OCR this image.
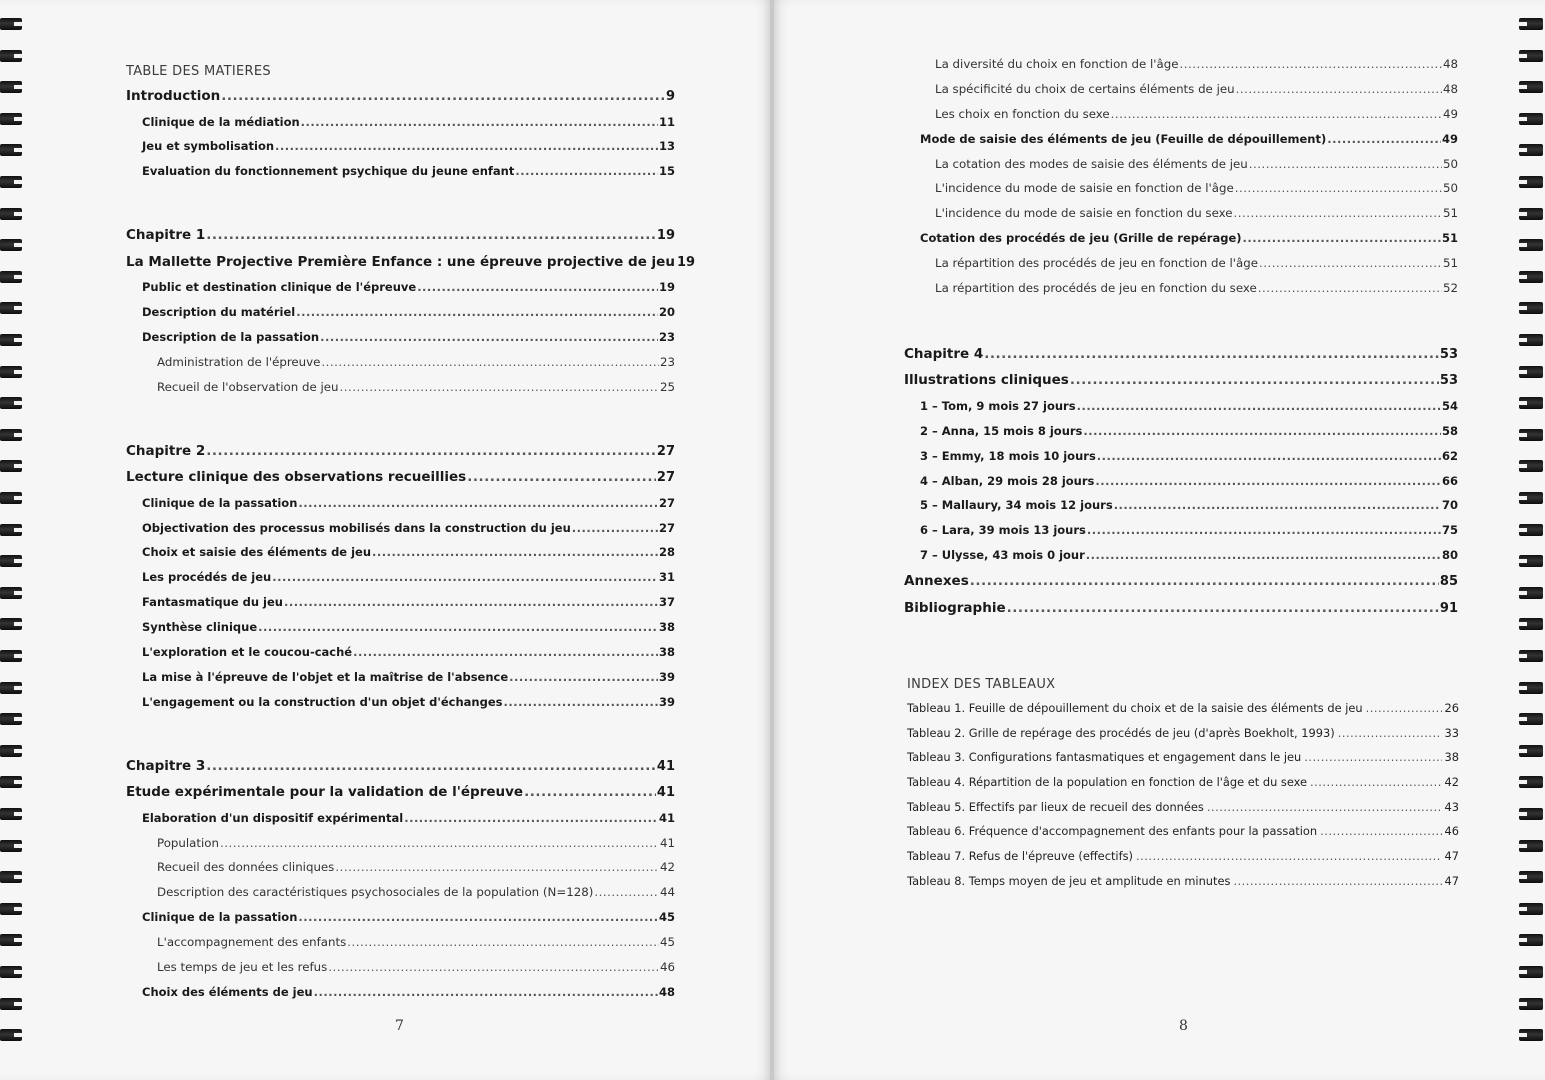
TABLE DES MATIERES
Introduction .....	9
Clinique de la médiation .....	11
Jeu et symbolisation .....	13
Evaluation du fonctionnement psychique du jeune enfant .....	15
Chapitre 1 .....	19
La Mallette Projective Première Enfance : une épreuve projective de jeu 19
Public et destination clinique de l'épreuve .....	19
Description du matériel .....	20
Description de la passation .....	23
Administration de l'épreuve .....	23
Recueil de l'observation de jeu .....	25
Chapitre 2 .....	27
Lecture clinique des observations recueillies .....	27
Clinique de la passation .....	27
Objectivation des processus mobilisés dans la construction du jeu .....	27
Choix et saisie des éléments de jeu .....	28
Les procédés de jeu .....	31
Fantasmatique du jeu .....	37
Synthèse clinique .....	38
L'exploration et le coucou-caché .....	38
La mise à l'épreuve de l'objet et la maîtrise de l'absence .....	39
L'engagement ou la construction d'un objet d'échanges .....	39
Chapitre 3 .....	41
Etude expérimentale pour la validation de l'épreuve .....	41
Elaboration d'un dispositif expérimental .....	41
Population .....	41
Recueil des données cliniques .....	42
Description des caractéristiques psychosociales de la population (N=128) .....	44
Clinique de la passation .....	45
L'accompagnement des enfants .....	45
Les temps de jeu et les refus .....	46
Choix des éléments de jeu .....	48
7
La diversité du choix en fonction de l'âge .....	48
La spécificité du choix de certains éléments de jeu .....	48
Les choix en fonction du sexe .....	49
Mode de saisie des éléments de jeu (Feuille de dépouillement) .....	49
La cotation des modes de saisie des éléments de jeu .....	50
L'incidence du mode de saisie en fonction de l'âge .....	50
L'incidence du mode de saisie en fonction du sexe .....	51
Cotation des procédés de jeu (Grille de repérage) .....	51
La répartition des procédés de jeu en fonction de l'âge .....	51
La répartition des procédés de jeu en fonction du sexe .....	52
Chapitre 4 .....	53
Illustrations cliniques .....	53
1 – Tom, 9 mois 27 jours .....	54
2 – Anna, 15 mois 8 jours .....	58
3 – Emmy, 18 mois 10 jours .....	62
4 – Alban, 29 mois 28 jours .....	66
5 – Mallaury, 34 mois 12 jours .....	70
6 – Lara, 39 mois 13 jours .....	75
7 – Ulysse, 43 mois 0 jour .....	80
Annexes .....	85
Bibliographie .....	91
INDEX DES TABLEAUX
Tableau 1. Feuille de dépouillement du choix et de la saisie des éléments de jeu .....	26
Tableau 2. Grille de repérage des procédés de jeu (d'après Boekholt, 1993) .....	33
Tableau 3. Configurations fantasmatiques et engagement dans le jeu .....	38
Tableau 4. Répartition de la population en fonction de l'âge et du sexe .....	42
Tableau 5. Effectifs par lieux de recueil des données .....	43
Tableau 6. Fréquence d'accompagnement des enfants pour la passation .....	46
Tableau 7. Refus de l'épreuve (effectifs) .....	47
Tableau 8. Temps moyen de jeu et amplitude en minutes .....	47
8
